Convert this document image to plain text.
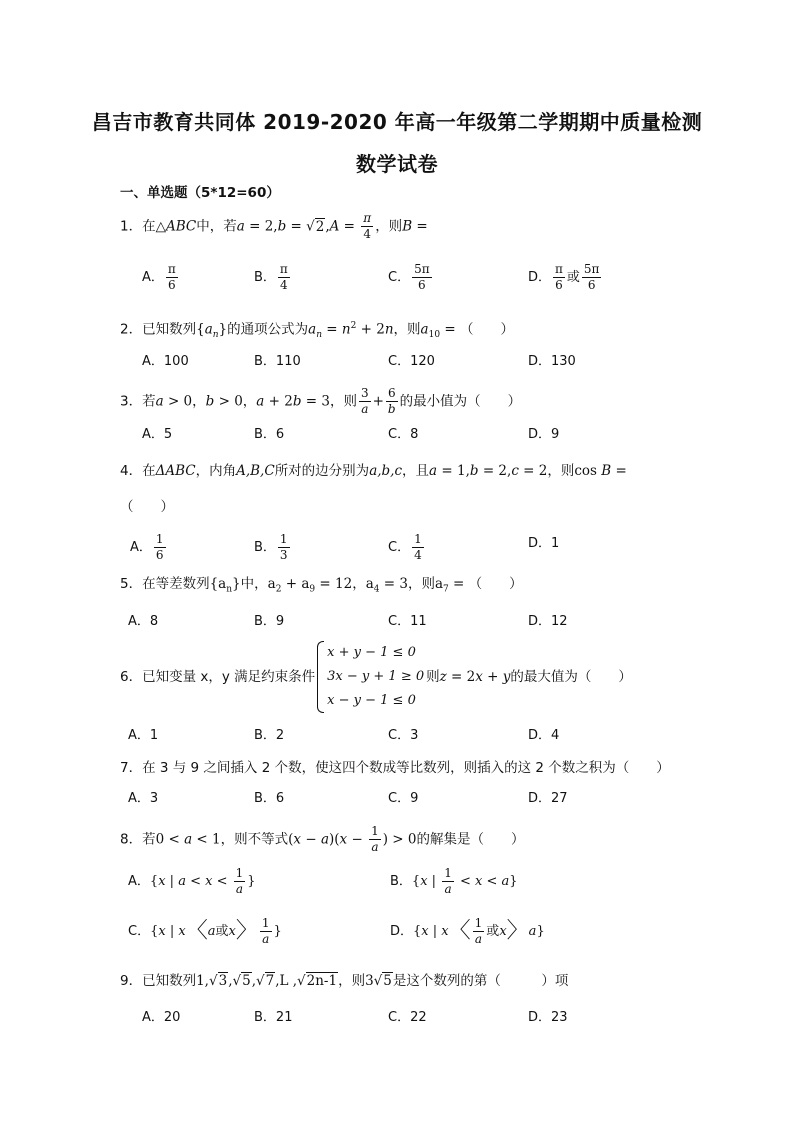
昌吉市教育共同体 2019-2020 年高一年级第二学期期中质量检测
数学试卷
一、单选题（5*12=60）
1．在△ABC中，若$a = 2,b = √2,A = \frac{\pi}{4}$ ，则B =
A． $\frac{\pi}{6}$	B． $\frac{\pi}{4}$	C． $\frac{5\pi}{6}$	D． $\frac{\pi}{6}$ 或 $\frac{5\pi}{6}$
2．已知数列$\{a_n\}$的通项公式为$a_n = n^2 + 2n$，则$a_{10}$ = （　　）
A．100	B．110	C．120	D．130
3．若a > 0，b > 0，a + 2b = 3，则 $\frac{3}{a} + \frac{6}{b}$ 的最小值为（　　）
A．5	B．6	C．8	D．9
4．在ΔABC，内角A,B,C所对的边分别为a,b,c，且a = 1,b = 2,c = 2，则cos B =
（　　）
A． $\frac{1}{6}$	B． $\frac{1}{3}$	C． $\frac{1}{4}$	D．1
5．在等差数列$\{a_n\}$中，$a_2 + a_9 = 12$，$a_4 = 3$，则$a_7$ = （　　）
A．8	B．9	C．11	D．12
6．已知变量 x，y 满足约束条件
x + y − 1 ≤ 0
3x − y + 1 ≥ 0
x − y − 1 ≤ 0
则z = 2x + y的最大值为（　　）
A．1	B．2	C．3	D．4
7．在 3 与 9 之间插入 2 个数，使这四个数成等比数列，则插入的这 2 个数之积为（　　）
A．3	B．6	C．9	D．27
8．若0 < a < 1，则不等式$(x - a)(x - \frac{1}{a}$ ) > 0的解集是（　　）
A．{x | $a < x < \frac{1}{a}$ }	B．{x | $\frac{1}{a} < x < a$}
C．{x | x〈a或x〉 $\frac{1}{a}$ }	D．{x | x〈 $\frac{1}{a}$ 或x〉a}
9．已知数列1,√3,√5,√7,L ,√2n-1，则3√5是这个数列的第（　　　）项
A．20	B．21	C．22	D．23
